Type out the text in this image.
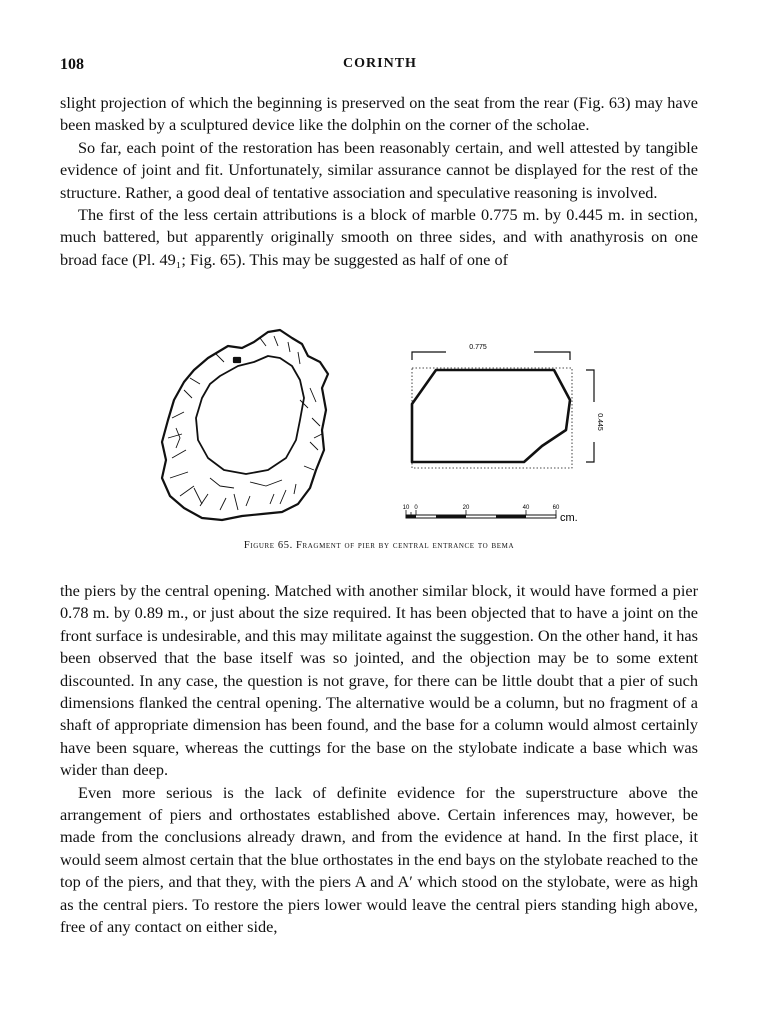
108	CORINTH

slight projection of which the beginning is preserved on the seat from the rear (Fig. 63) may have been masked by a sculptured device like the dolphin on the corner of the scholae.

So far, each point of the restoration has been reasonably certain, and well attested by tangible evidence of joint and fit. Unfortunately, similar assurance cannot be displayed for the rest of the structure. Rather, a good deal of tentative association and speculative reasoning is involved.

The first of the less certain attributions is a block of marble 0.775 m. by 0.445 m. in section, much battered, but apparently originally smooth on three sides, and with anathyrosis on one broad face (Pl. 49₁; Fig. 65). This may be suggested as half of one of

0.775
0.445
10 0	20	40	60
cm.
Figure 65. Fragment of pier by central entrance to bema

the piers by the central opening. Matched with another similar block, it would have formed a pier 0.78 m. by 0.89 m., or just about the size required. It has been objected that to have a joint on the front surface is undesirable, and this may militate against the suggestion. On the other hand, it has been observed that the base itself was so jointed, and the objection may be to some extent discounted. In any case, the question is not grave, for there can be little doubt that a pier of such dimensions flanked the central opening. The alternative would be a column, but no fragment of a shaft of appropriate dimension has been found, and the base for a column would almost certainly have been square, whereas the cuttings for the base on the stylobate indicate a base which was wider than deep.

Even more serious is the lack of definite evidence for the superstructure above the arrangement of piers and orthostates established above. Certain inferences may, however, be made from the conclusions already drawn, and from the evidence at hand. In the first place, it would seem almost certain that the blue orthostates in the end bays on the stylobate reached to the top of the piers, and that they, with the piers A and A′ which stood on the stylobate, were as high as the central piers. To restore the piers lower would leave the central piers standing high above, free of any contact on either side,
